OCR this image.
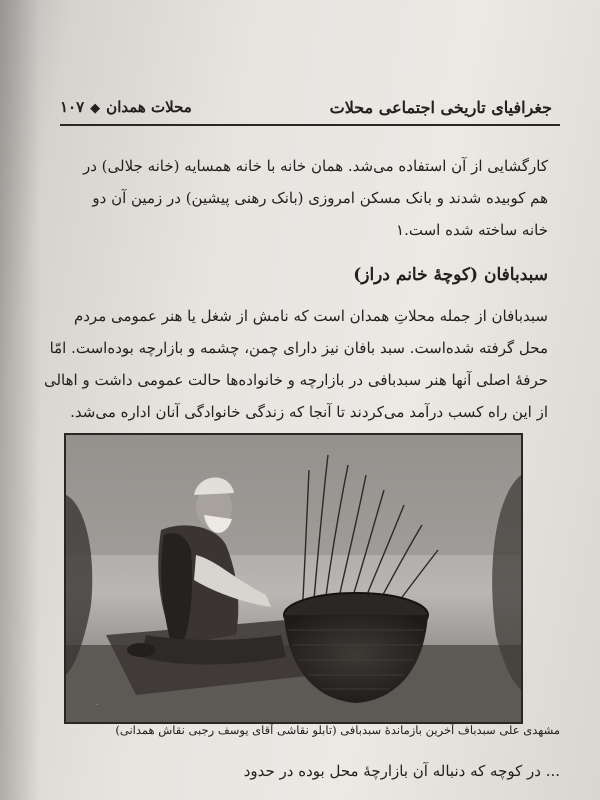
جغرافیای تاریخی اجتماعی محلات
۱۰۷ ◆ محلات همدان
کارگشایی از آن استفاده می‌شد. همان خانه با خانه همسایه (خانه جلالی) در
هم کوبیده شدند و بانک مسکن امروزی (بانک رهنی پیشین) در زمین آن دو
خانه ساخته شده است.۱
سبدبافان (کوچهٔ خانم دراز)
سبدبافان از جمله محلاتِ همدان است که نامش از شغل یا هنر عمومی مردم
محل گرفته شده‌است. سبد بافان نیز دارای چمن، چشمه و بازارچه بوده‌است. امّا
حرفهٔ اصلی آنها هنر سبدبافی در بازارچه و خانواده‌ها حالت عمومی داشت و اهالی
از این راه کسب درآمد می‌کردند تا آنجا که زندگی خانوادگی آنان اداره می‌شد.
.
مشهدی علی سبدباف آخرین بازماندهٔ سبدبافی (تابلو نقاشی آقای یوسف رجبی نقاش همدانی)
... در کوچه که دنباله آن بازارچهٔ محل بوده در حدود
